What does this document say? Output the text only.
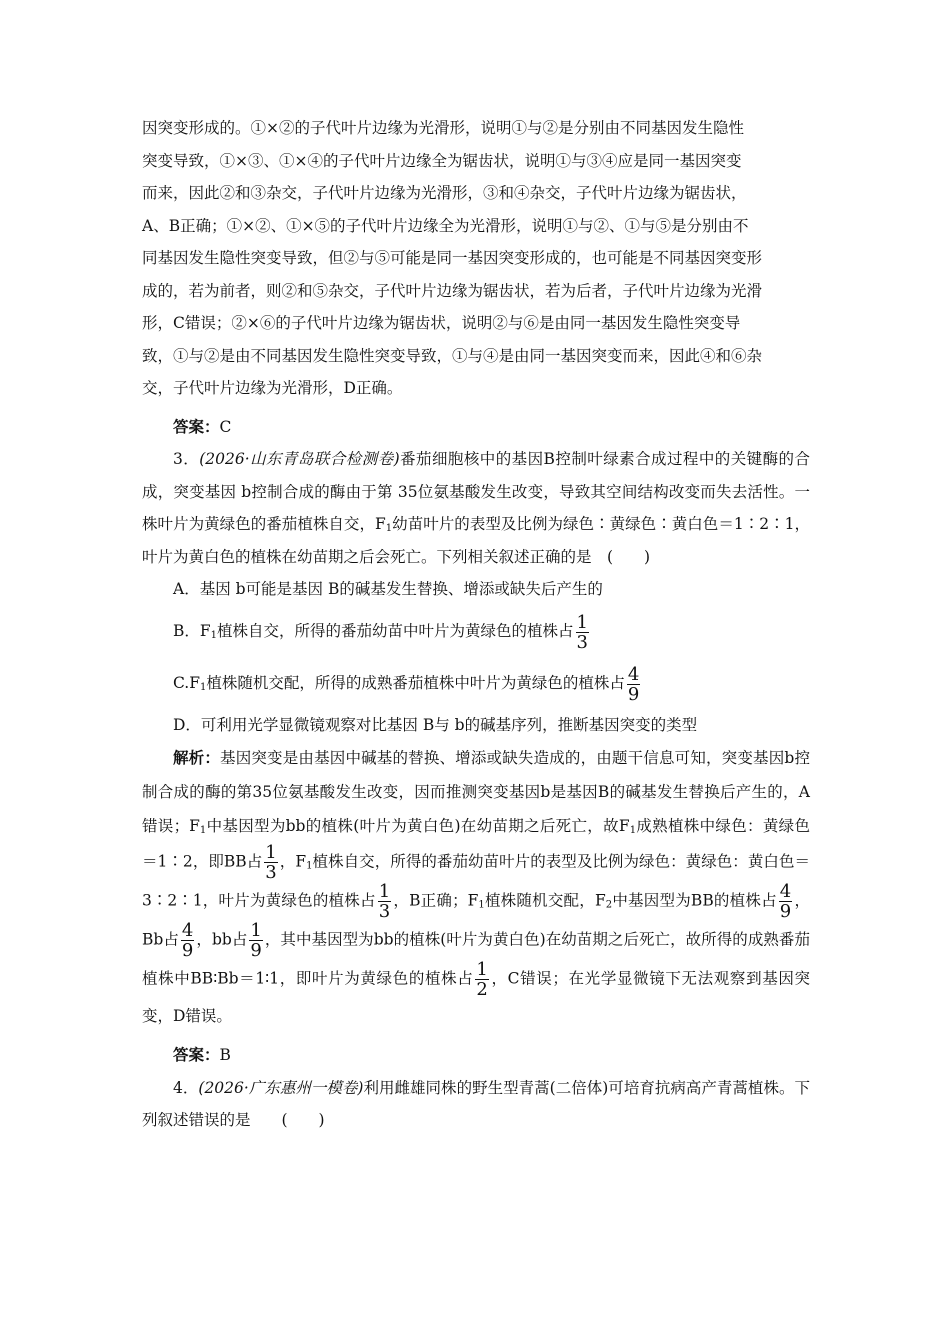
因突变形成的。①×②的子代叶片边缘为光滑形，说明①与②是分别由不同基因发生隐性

突变导致，①×③、①×④的子代叶片边缘全为锯齿状，说明①与③④应是同一基因突变

而来，因此②和③杂交，子代叶片边缘为光滑形，③和④杂交，子代叶片边缘为锯齿状，

A、B正确；①×②、①×⑤的子代叶片边缘全为光滑形，说明①与②、①与⑤是分别由不

同基因发生隐性突变导致，但②与⑤可能是同一基因突变形成的，也可能是不同基因突变形

成的，若为前者，则②和⑤杂交，子代叶片边缘为锯齿状，若为后者，子代叶片边缘为光滑

形，C错误；②×⑥的子代叶片边缘为锯齿状，说明②与⑥是由同一基因发生隐性突变导

致，①与②是由不同基因发生隐性突变导致，①与④是由同一基因突变而来，因此④和⑥杂

交，子代叶片边缘为光滑形，D正确。

答案：C

3．(2026·山东青岛联合检测卷)番茄细胞核中的基因B控制叶绿素合成过程中的关键酶的合成，突变基因 b控制合成的酶由于第 35位氨基酸发生改变，导致其空间结构改变而失去活性。一株叶片为黄绿色的番茄植株自交，$F_1$幼苗叶片的表型及比例为绿色∶黄绿色∶黄白色＝1∶2∶1，叶片为黄白色的植株在幼苗期之后会死亡。下列相关叙述正确的是　(　　)

A．基因 b可能是基因 B的碱基发生替换、增添或缺失后产生的

B．$F_1$植株自交，所得的番茄幼苗中叶片为黄绿色的植株占 $\frac{1}{3}$

$C.F_1$植株随机交配，所得的成熟番茄植株中叶片为黄绿色的植株占 $\frac{4}{9}$

D．可利用光学显微镜观察对比基因 B与 b的碱基序列，推断基因突变的类型

解析：基因突变是由基因中碱基的替换、增添或缺失造成的，由题干信息可知，突变基因b控制合成的酶的第35位氨基酸发生改变，因而推测突变基因b是基因B的碱基发生替换后产生的，A错误；$F_1$中基因型为bb的植株(叶片为黄白色)在幼苗期之后死亡，故$F_1$成熟植株中绿色：黄绿色＝1∶2，即BB占 $\frac{1}{3}$ ，$F_1$植株自交，所得的番茄幼苗叶片的表型及比例为绿色：黄绿色：黄白色＝3∶2∶1，叶片为黄绿色的植株占 $\frac{1}{3}$ ，B正确；$F_1$植株随机交配，$F_2$中基因型为BB的植株占 $\frac{4}{9}$ ，Bb占 $\frac{4}{9}$ ，bb占 $\frac{1}{9}$ ，其中基因型为bb的植株(叶片为黄白色)在幼苗期之后死亡，故所得的成熟番茄植株中BB∶Bb＝1∶1，即叶片为黄绿色的植株占 $\frac{1}{2}$ ，C错误；在光学显微镜下无法观察到基因突变，D错误。

答案：B

4．(2026·广东惠州一模卷)利用雌雄同株的野生型青蒿(二倍体)可培育抗病高产青蒿植株。下列叙述错误的是　　(　　)
